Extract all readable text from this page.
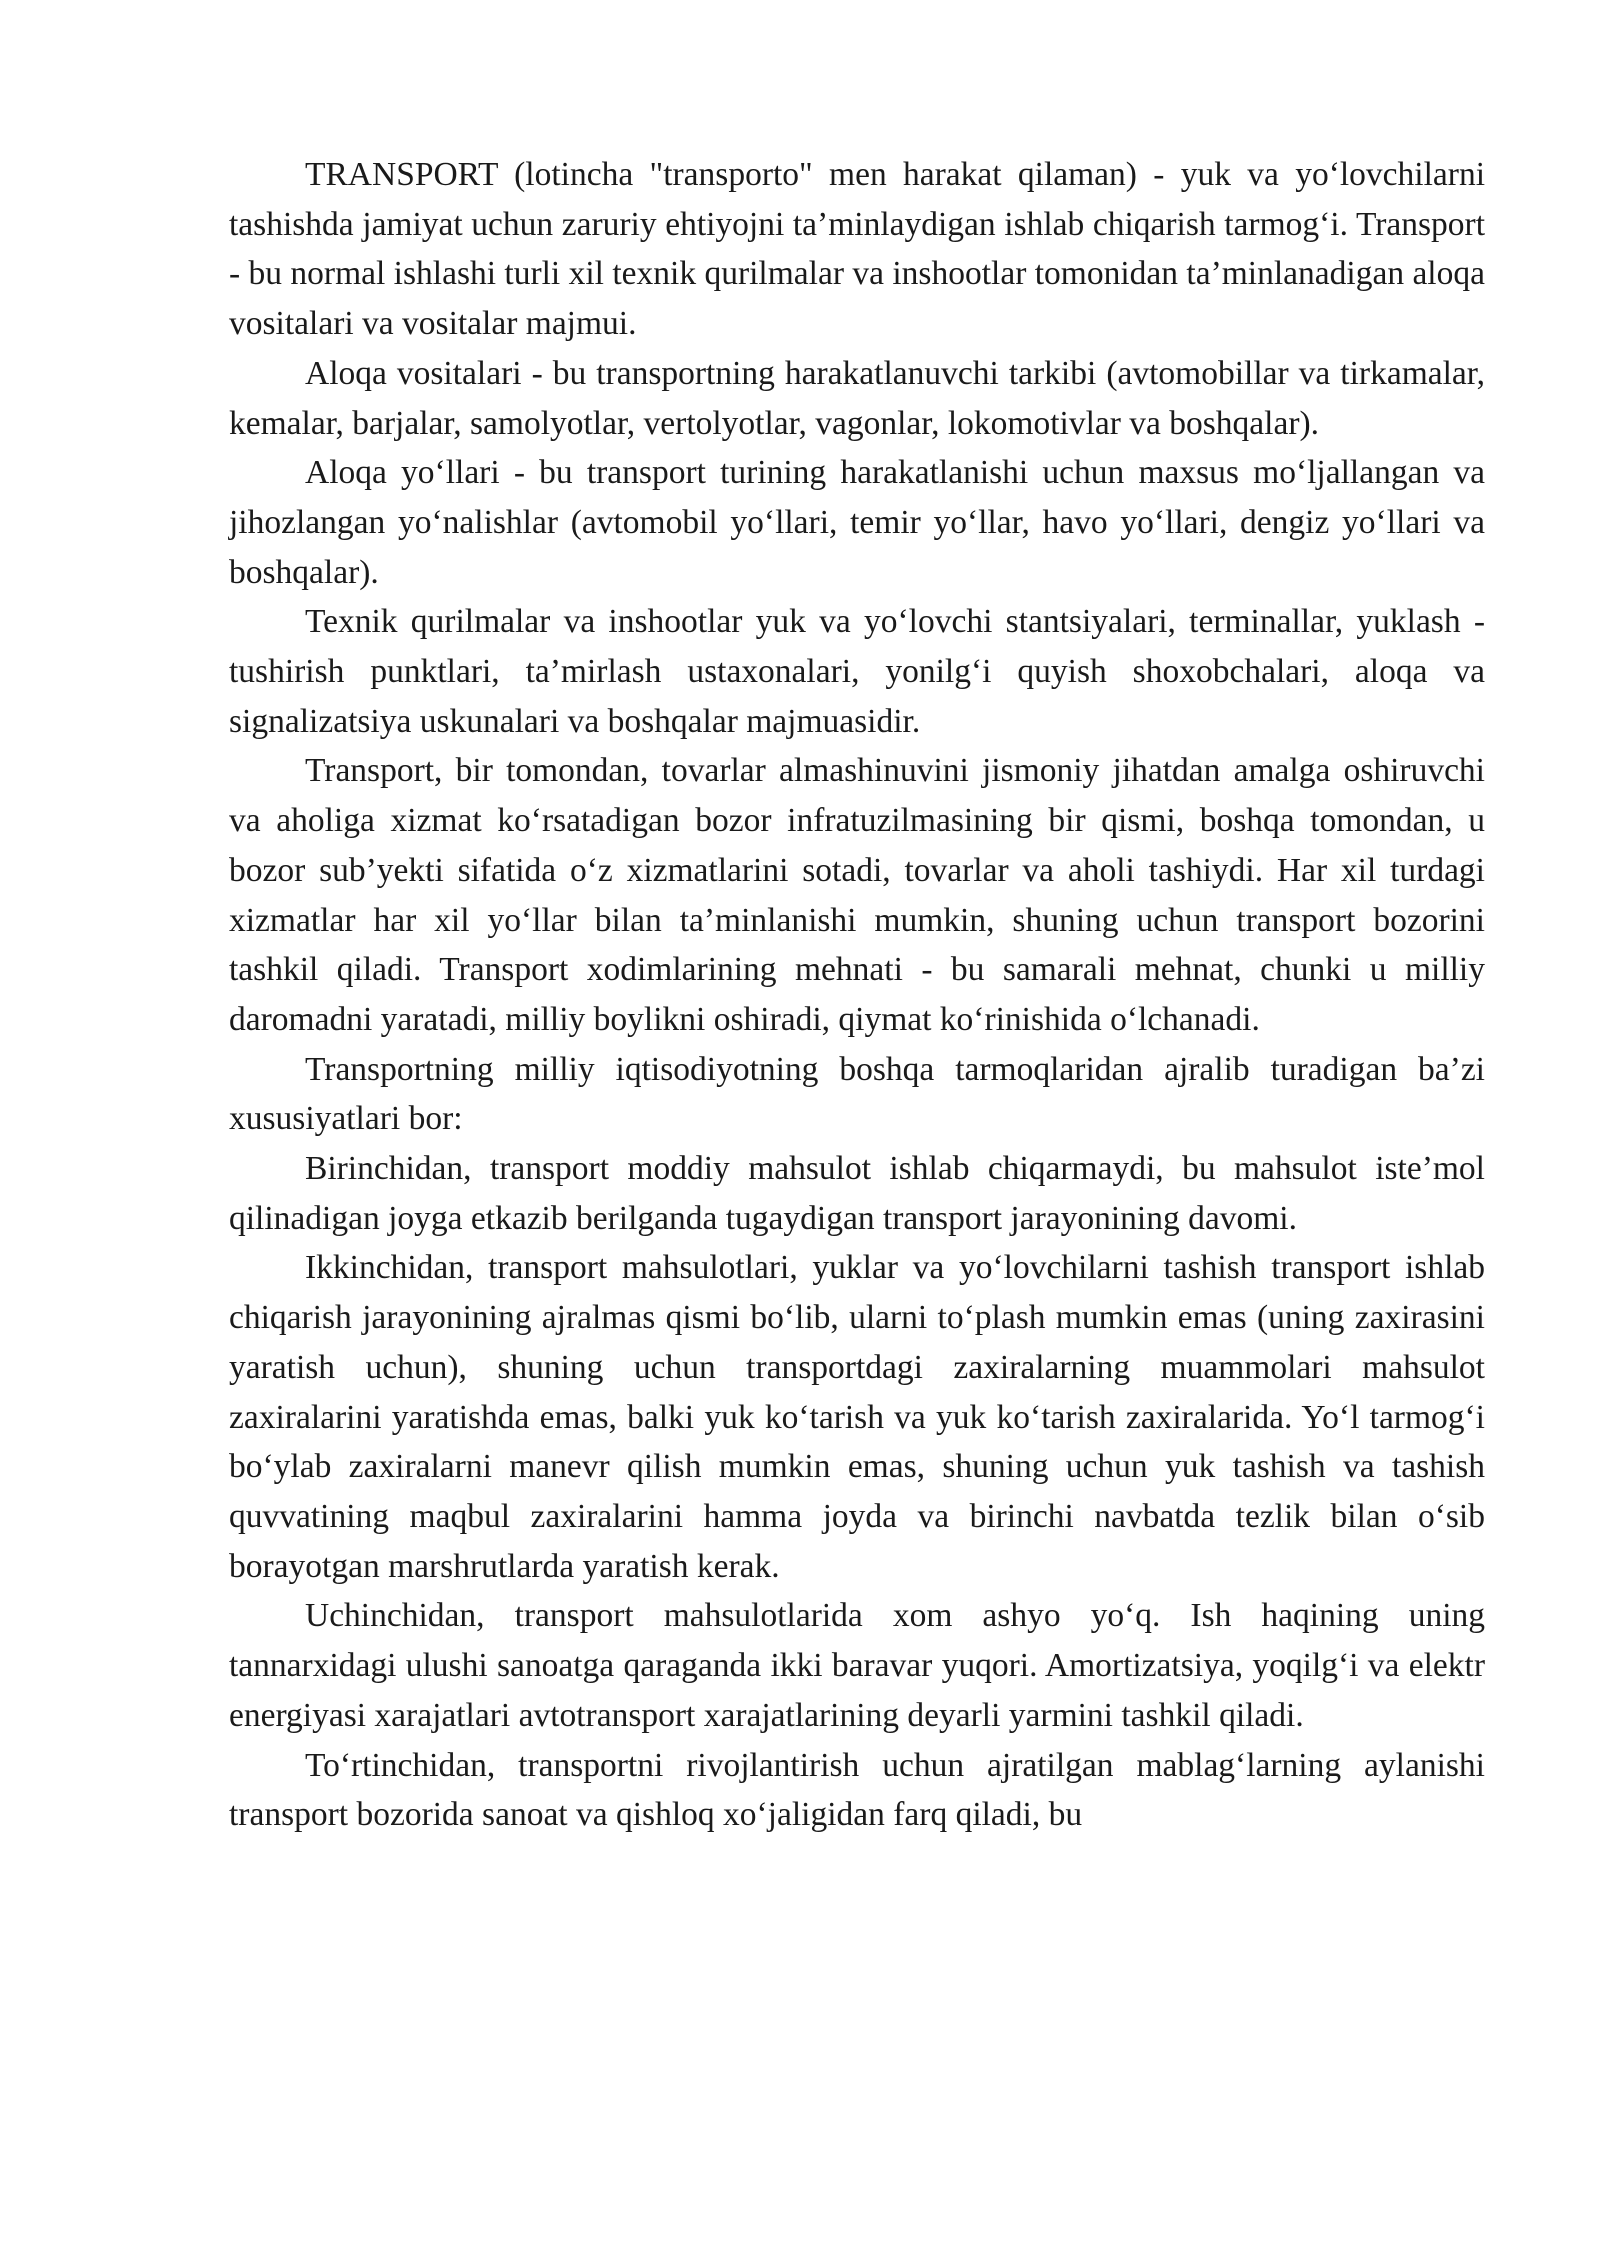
TRANSPORT (lotincha "transporto" men harakat qilaman) - yuk va yo‘lovchilarni tashishda jamiyat uchun zaruriy ehtiyojni ta’minlaydigan ishlab chiqarish tarmog‘i. Transport - bu normal ishlashi turli xil texnik qurilmalar va inshootlar tomonidan ta’minlanadigan aloqa vositalari va vositalar majmui.

Aloqa vositalari - bu transportning harakatlanuvchi tarkibi (avtomobillar va tirkamalar, kemalar, barjalar, samolyotlar, vertolyotlar, vagonlar, lokomotivlar va boshqalar).

Aloqa yo‘llari - bu transport turining harakatlanishi uchun maxsus mo‘ljallangan va jihozlangan yo‘nalishlar (avtomobil yo‘llari, temir yo‘llar, havo yo‘llari, dengiz yo‘llari va boshqalar).

Texnik qurilmalar va inshootlar yuk va yo‘lovchi stantsiyalari, terminallar, yuklash -tushirish punktlari, ta’mirlash ustaxonalari, yonilg‘i quyish shoxobchalari, aloqa va signalizatsiya uskunalari va boshqalar majmuasidir.

Transport, bir tomondan, tovarlar almashinuvini jismoniy jihatdan amalga oshiruvchi va aholiga xizmat ko‘rsatadigan bozor infratuzilmasining bir qismi, boshqa tomondan, u bozor sub’yekti sifatida o‘z xizmatlarini sotadi, tovarlar va aholi tashiydi. Har xil turdagi xizmatlar har xil yo‘llar bilan ta’minlanishi mumkin, shuning uchun transport bozorini tashkil qiladi. Transport xodimlarining mehnati - bu samarali mehnat, chunki u milliy daromadni yaratadi, milliy boylikni oshiradi, qiymat ko‘rinishida o‘lchanadi.

Transportning milliy iqtisodiyotning boshqa tarmoqlaridan ajralib turadigan ba’zi xususiyatlari bor:

Birinchidan, transport moddiy mahsulot ishlab chiqarmaydi, bu mahsulot iste’mol qilinadigan joyga etkazib berilganda tugaydigan transport jarayonining davomi.

Ikkinchidan, transport mahsulotlari, yuklar va yo‘lovchilarni tashish transport ishlab chiqarish jarayonining ajralmas qismi bo‘lib, ularni to‘plash mumkin emas (uning zaxirasini yaratish uchun), shuning uchun transportdagi zaxiralarning muammolari mahsulot zaxiralarini yaratishda emas, balki yuk ko‘tarish va yuk ko‘tarish zaxiralarida. Yo‘l tarmog‘i bo‘ylab zaxiralarni manevr qilish mumkin emas, shuning uchun yuk tashish va tashish quvvatining maqbul zaxiralarini hamma joyda va birinchi navbatda tezlik bilan o‘sib borayotgan marshrutlarda yaratish kerak.

Uchinchidan, transport mahsulotlarida xom ashyo yo‘q. Ish haqining uning tannarxidagi ulushi sanoatga qaraganda ikki baravar yuqori. Amortizatsiya, yoqilg‘i va elektr energiyasi xarajatlari avtotransport xarajatlarining deyarli yarmini tashkil qiladi.

To‘rtinchidan, transportni rivojlantirish uchun ajratilgan mablag‘larning aylanishi transport bozorida sanoat va qishloq xo‘jaligidan farq qiladi, bu
